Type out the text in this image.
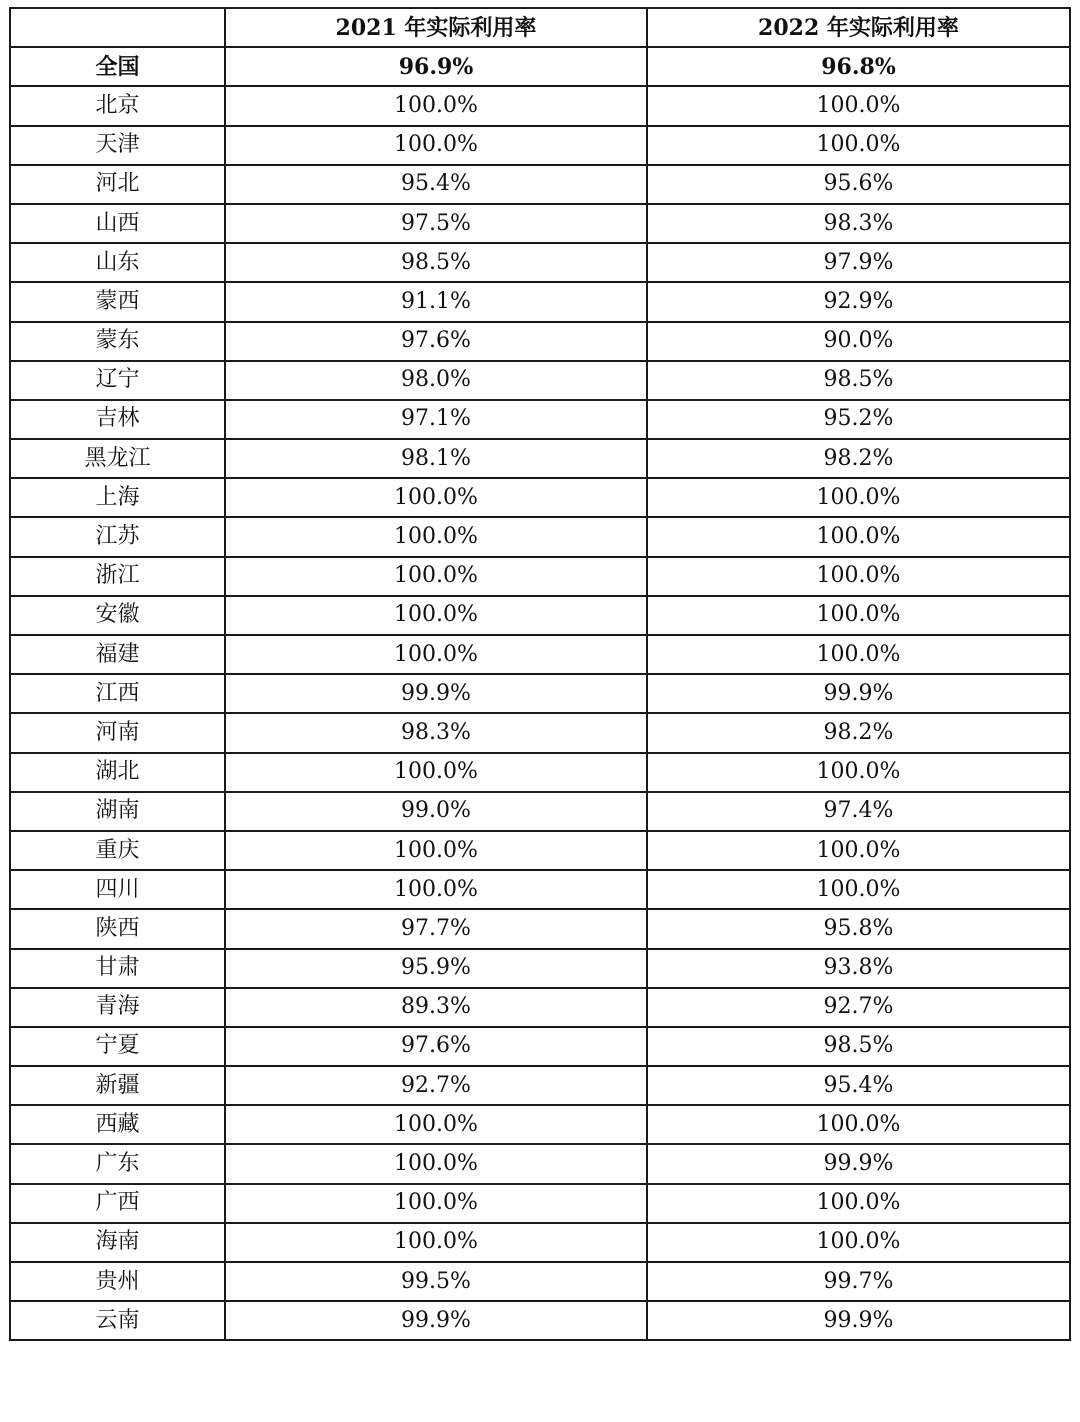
	2021 年实际利用率	2022 年实际利用率
全国	96.9%	96.8%
北京	100.0%	100.0%
天津	100.0%	100.0%
河北	95.4%	95.6%
山西	97.5%	98.3%
山东	98.5%	97.9%
蒙西	91.1%	92.9%
蒙东	97.6%	90.0%
辽宁	98.0%	98.5%
吉林	97.1%	95.2%
黑龙江	98.1%	98.2%
上海	100.0%	100.0%
江苏	100.0%	100.0%
浙江	100.0%	100.0%
安徽	100.0%	100.0%
福建	100.0%	100.0%
江西	99.9%	99.9%
河南	98.3%	98.2%
湖北	100.0%	100.0%
湖南	99.0%	97.4%
重庆	100.0%	100.0%
四川	100.0%	100.0%
陕西	97.7%	95.8%
甘肃	95.9%	93.8%
青海	89.3%	92.7%
宁夏	97.6%	98.5%
新疆	92.7%	95.4%
西藏	100.0%	100.0%
广东	100.0%	99.9%
广西	100.0%	100.0%
海南	100.0%	100.0%
贵州	99.5%	99.7%
云南	99.9%	99.9%
